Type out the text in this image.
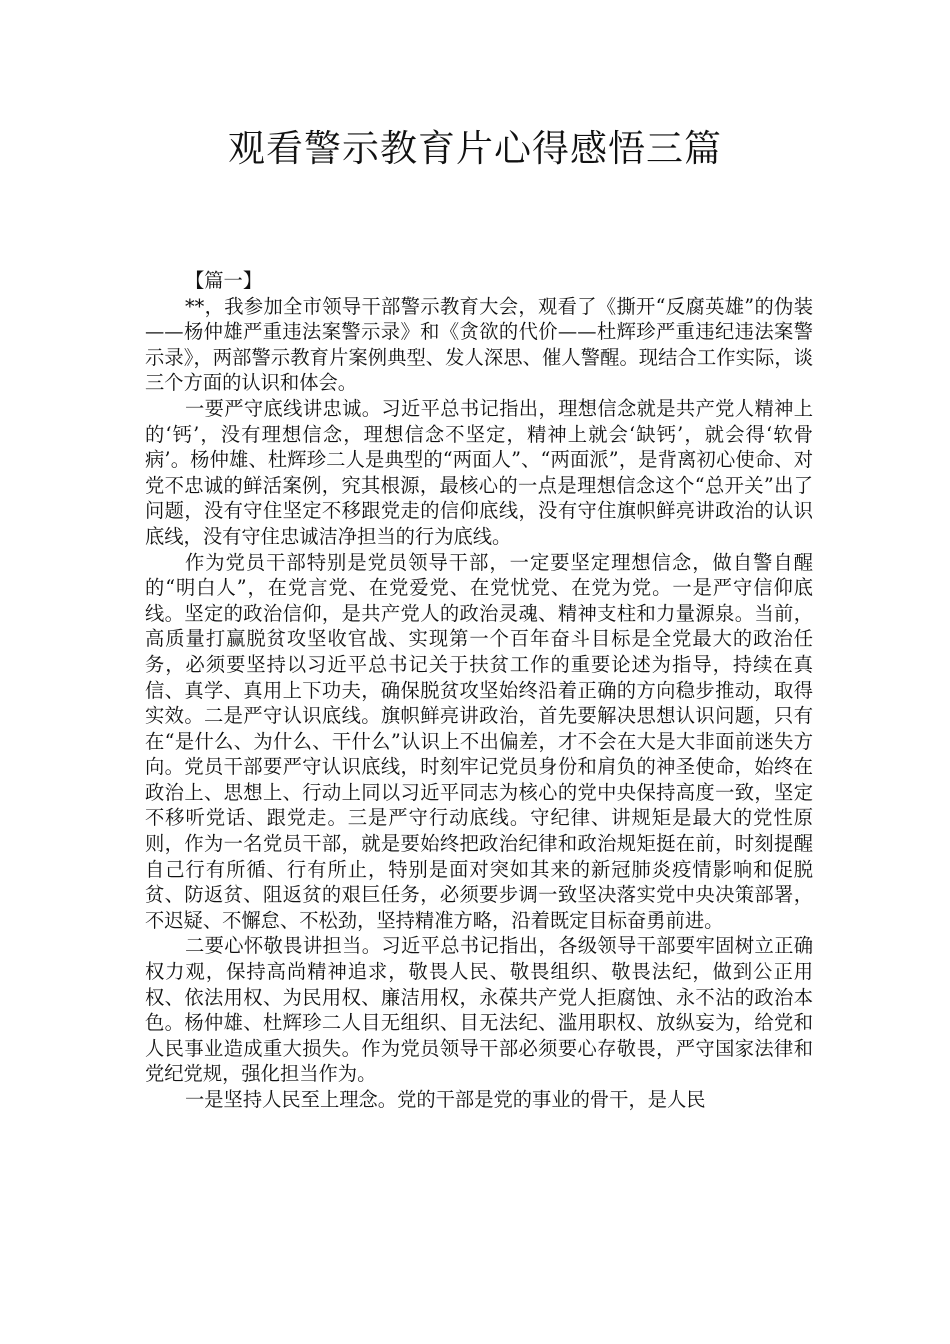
观看警示教育片心得感悟三篇

【篇一】

**，我参加全市领导干部警示教育大会，观看了《撕开“反腐英雄”的伪装——杨仲雄严重违法案警示录》和《贪欲的代价——杜辉珍严重违纪违法案警示录》，两部警示教育片案例典型、发人深思、催人警醒。现结合工作实际，谈三个方面的认识和体会。

一要严守底线讲忠诚。习近平总书记指出，理想信念就是共产党人精神上的‘钙’，没有理想信念，理想信念不坚定，精神上就会‘缺钙’，就会得‘软骨病’。杨仲雄、杜辉珍二人是典型的“两面人”、“两面派”，是背离初心使命、对党不忠诚的鲜活案例，究其根源，最核心的一点是理想信念这个“总开关”出了问题，没有守住坚定不移跟党走的信仰底线，没有守住旗帜鲜亮讲政治的认识底线，没有守住忠诚洁净担当的行为底线。

作为党员干部特别是党员领导干部，一定要坚定理想信念，做自警自醒的“明白人”，在党言党、在党爱党、在党忧党、在党为党。一是严守信仰底线。坚定的政治信仰，是共产党人的政治灵魂、精神支柱和力量源泉。当前，高质量打赢脱贫攻坚收官战、实现第一个百年奋斗目标是全党最大的政治任务，必须要坚持以习近平总书记关于扶贫工作的重要论述为指导，持续在真信、真学、真用上下功夫，确保脱贫攻坚始终沿着正确的方向稳步推动，取得实效。二是严守认识底线。旗帜鲜亮讲政治，首先要解决思想认识问题，只有在“是什么、为什么、干什么”认识上不出偏差，才不会在大是大非面前迷失方向。党员干部要严守认识底线，时刻牢记党员身份和肩负的神圣使命，始终在政治上、思想上、行动上同以习近平同志为核心的党中央保持高度一致，坚定不移听党话、跟党走。三是严守行动底线。守纪律、讲规矩是最大的党性原则，作为一名党员干部，就是要始终把政治纪律和政治规矩挺在前，时刻提醒自己行有所循、行有所止，特别是面对突如其来的新冠肺炎疫情影响和促脱贫、防返贫、阻返贫的艰巨任务，必须要步调一致坚决落实党中央决策部署，不迟疑、不懈怠、不松劲，坚持精准方略，沿着既定目标奋勇前进。

二要心怀敬畏讲担当。习近平总书记指出，各级领导干部要牢固树立正确权力观，保持高尚精神追求，敬畏人民、敬畏组织、敬畏法纪，做到公正用权、依法用权、为民用权、廉洁用权，永葆共产党人拒腐蚀、永不沾的政治本色。杨仲雄、杜辉珍二人目无组织、目无法纪、滥用职权、放纵妄为，给党和人民事业造成重大损失。作为党员领导干部必须要心存敬畏，严守国家法律和党纪党规，强化担当作为。

一是坚持人民至上理念。党的干部是党的事业的骨干，是人民
